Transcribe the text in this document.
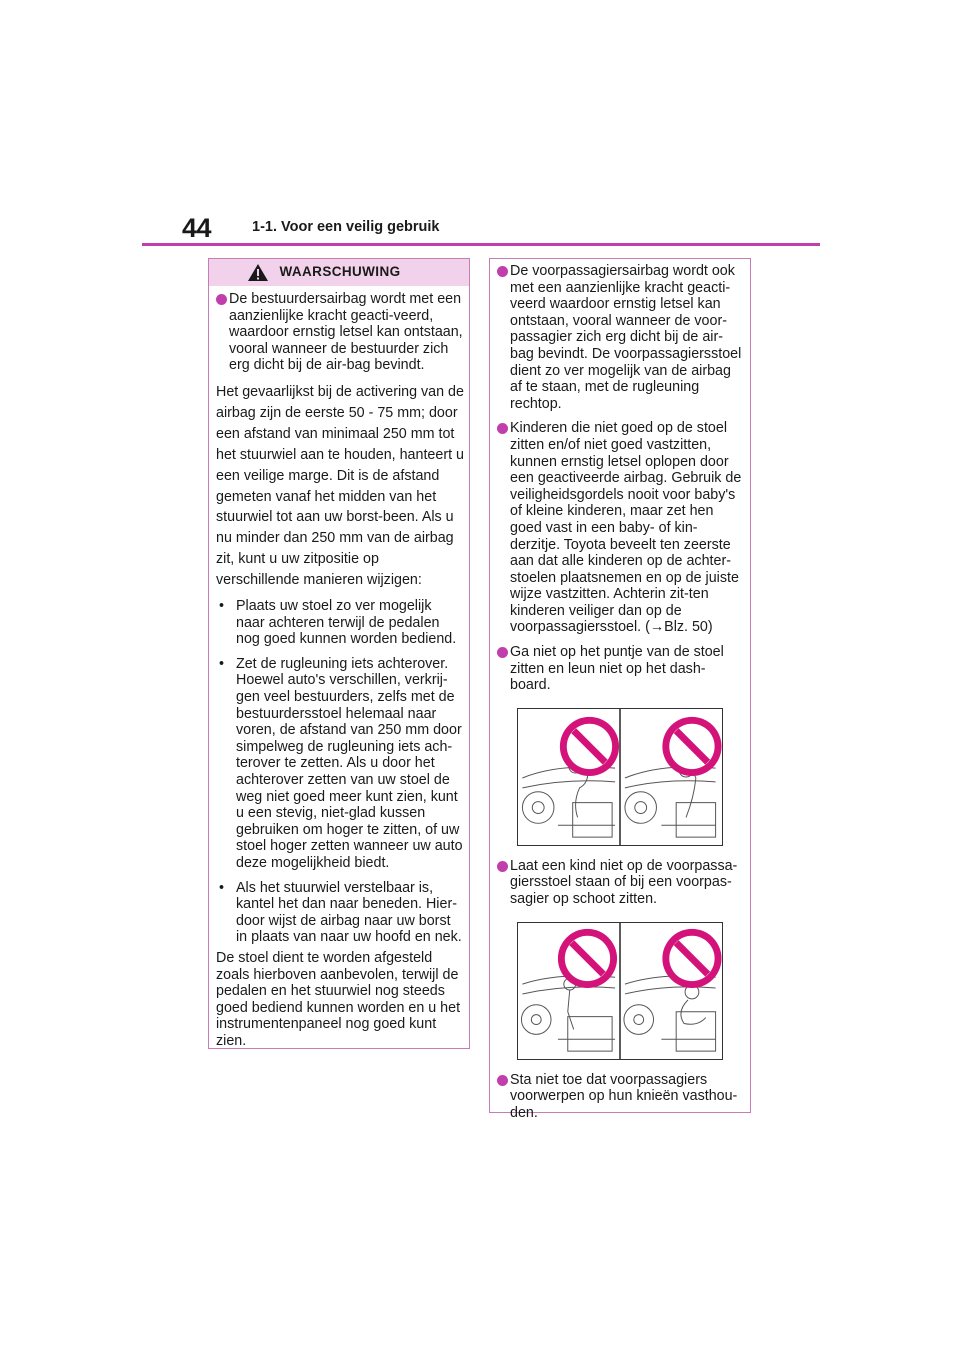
44	1-1. Voor een veilig gebruik
WAARSCHUWING
De bestuurdersairbag wordt met een aanzienlijke kracht geacti-veerd, waardoor ernstig letsel kan ontstaan, vooral wanneer de bestuurder zich erg dicht bij de air-bag bevindt.

Het gevaarlijkst bij de activering van de airbag zijn de eerste 50 - 75 mm; door een afstand van minimaal 250 mm tot het stuurwiel aan te houden, hanteert u een veilige marge. Dit is de afstand gemeten vanaf het midden van het stuurwiel tot aan uw borst-been. Als u nu minder dan 250 mm van de airbag zit, kunt u uw zitpositie op verschillende manieren wijzigen:

• Plaats uw stoel zo ver mogelijk naar achteren terwijl de pedalen nog goed kunnen worden bediend.
• Zet de rugleuning iets achterover. Hoewel auto's verschillen, verkrij-gen veel bestuurders, zelfs met de bestuurdersstoel helemaal naar voren, de afstand van 250 mm door simpelweg de rugleuning iets ach-terover te zetten. Als u door het achterover zetten van uw stoel de weg niet goed meer kunt zien, kunt u een stevig, niet-glad kussen gebruiken om hoger te zitten, of uw stoel hoger zetten wanneer uw auto deze mogelijkheid biedt.
• Als het stuurwiel verstelbaar is, kantel het dan naar beneden. Hier-door wijst de airbag naar uw borst in plaats van naar uw hoofd en nek.

De stoel dient te worden afgesteld zoals hierboven aanbevolen, terwijl de pedalen en het stuurwiel nog steeds goed bediend kunnen worden en u het instrumentenpaneel nog goed kunt zien.

De voorpassagiersairbag wordt ook met een aanzienlijke kracht geacti-veerd waardoor ernstig letsel kan ontstaan, vooral wanneer de voor-passagier zich erg dicht bij de air-bag bevindt. De voorpassagiersstoel dient zo ver mogelijk van de airbag af te staan, met de rugleuning rechtop.
Kinderen die niet goed op de stoel zitten en/of niet goed vastzitten, kunnen ernstig letsel oplopen door een geactiveerde airbag. Gebruik de veiligheidsgordels nooit voor baby's of kleine kinderen, maar zet hen goed vast in een baby- of kin-derzitje. Toyota beveelt ten zeerste aan dat alle kinderen op de achter-stoelen plaatsnemen en op de juiste wijze vastzitten. Achterin zit-ten kinderen veiliger dan op de voorpassagiersstoel. (→Blz. 50)
Ga niet op het puntje van de stoel zitten en leun niet op het dash-board.
Laat een kind niet op de voorpassa-giersstoel staan of bij een voorpas-sagier op schoot zitten.
Sta niet toe dat voorpassagiers voorwerpen op hun knieën vasthou-den.
